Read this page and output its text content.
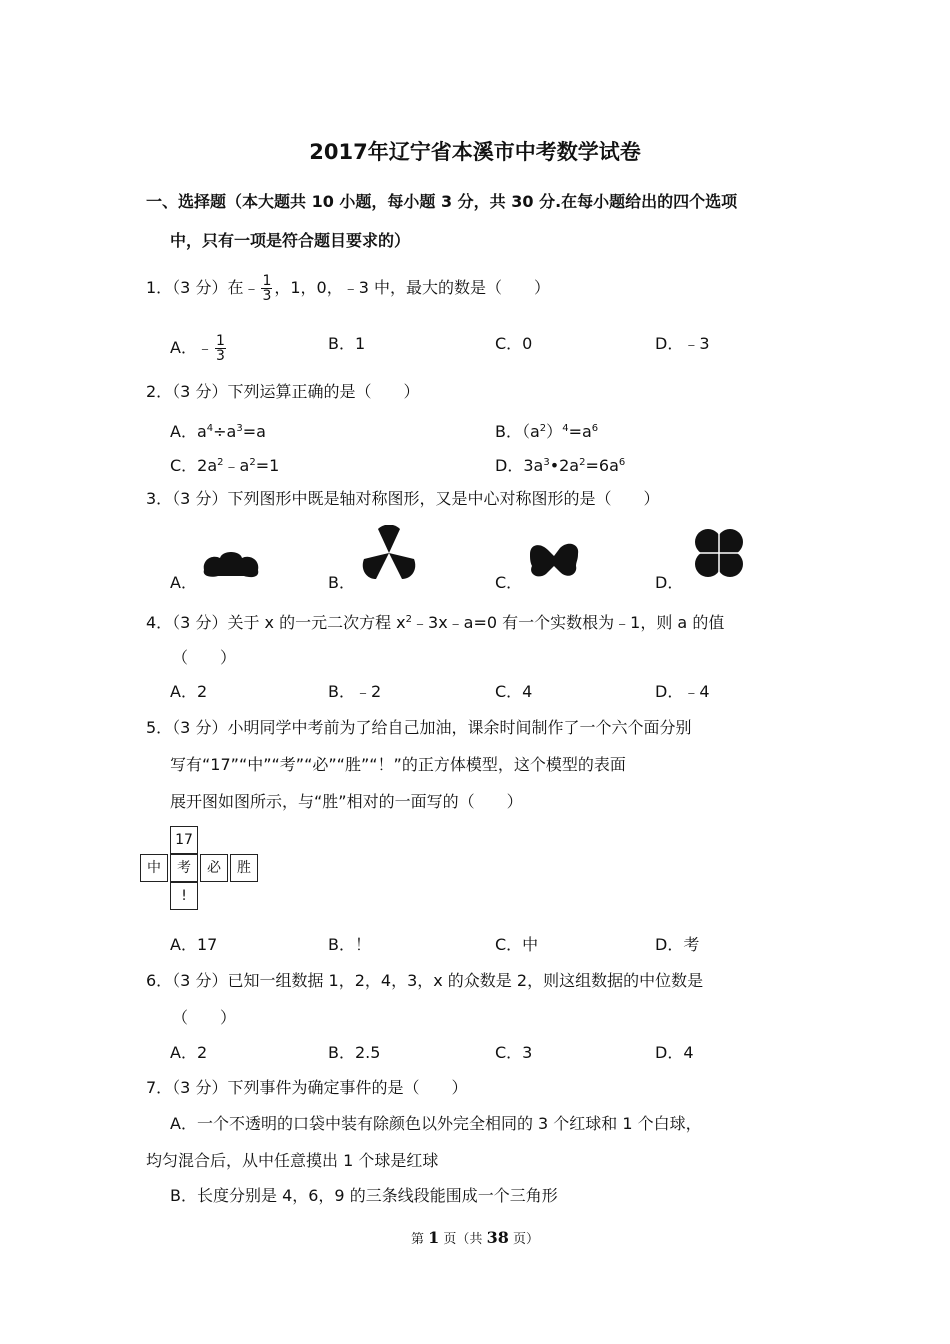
2017年辽宁省本溪市中考数学试卷
一、选择题（本大题共 10 小题，每小题 3 分，共 30 分.在每小题给出的四个选项
中，只有一项是符合题目要求的）
1．（3 分）在﹣ $\frac{1}{3}$ ，1，0，﹣3 中，最大的数是（　　）
A．﹣ $\frac{1}{3}$	B．1	C．0	D．﹣3
2．（3 分）下列运算正确的是（　　）
A．$a^4\div a^3=a$	B．$(a^2)^4=a^6$
C．$2a^2﹣a^2=1$	D．$3a^3•2a^2=6a^6$
3．（3 分）下列图形中既是轴对称图形，又是中心对称图形的是（　　）
A．	B．	C．	D．
4．（3 分）关于 x 的一元二次方程 $x^2﹣3x﹣a=0$ 有一个实数根为﹣1，则 a 的值
（　　）
A．2	B．﹣2	C．4	D．﹣4
5．（3 分）小明同学中考前为了给自己加油，课余时间制作了一个六个面分别
写有“17”“中”“考”“必”“胜”“！”的正方体模型，这个模型的表面
展开图如图所示，与“胜”相对的一面写的（　　）
17
中	考	必	胜
!
A．17	B．！	C．中	D．考
6．（3 分）已知一组数据 1，2，4，3，x 的众数是 2，则这组数据的中位数是
（　　）
A．2	B．2.5	C．3	D．4
7．（3 分）下列事件为确定事件的是（　　）
A．一个不透明的口袋中装有除颜色以外完全相同的 3 个红球和 1 个白球，
均匀混合后，从中任意摸出 1 个球是红球
B．长度分别是 4，6，9 的三条线段能围成一个三角形
第 1 页（共 38 页）
